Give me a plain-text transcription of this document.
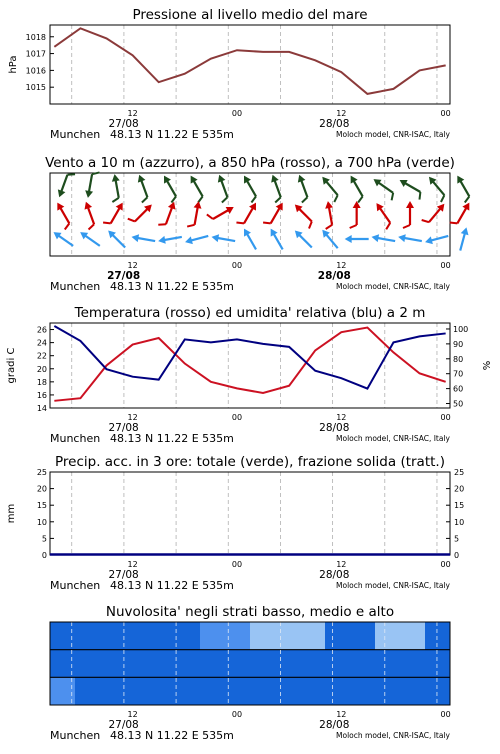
Pressione al livello medio del mare
12	00	12	00
27/08	28/08
Munchen 48.13 N 11.22 E 535m	Moloch model, CNR-ISAC, Italy
1015
1016
1017
1018
hPa
Vento a 10 m (azzurro), a 850 hPa (rosso), a 700 hPa (verde)
12	00	12	00
27/08	28/08
Munchen 48.13 N 11.22 E 535m	Moloch model, CNR-ISAC, Italy
Temperatura (rosso) ed umidita' relativa (blu) a 2 m
12	00	12	00
27/08	28/08
Munchen 48.13 N 11.22 E 535m	Moloch model, CNR-ISAC, Italy
14
16
18
20
22
24
26
50
60
70
80
90
100
gradi C	%
Precip. acc. in 3 ore: totale (verde), frazione solida (tratt.)
12	00	12	00
27/08	28/08
Munchen 48.13 N 11.22 E 535m	Moloch model, CNR-ISAC, Italy
0	0
5	5
10	10
15	15
20	20
25	25
mm
Nuvolosita' negli strati basso, medio e alto
12	00	12	00
27/08	28/08
Munchen 48.13 N 11.22 E 535m	Moloch model, CNR-ISAC, Italy
